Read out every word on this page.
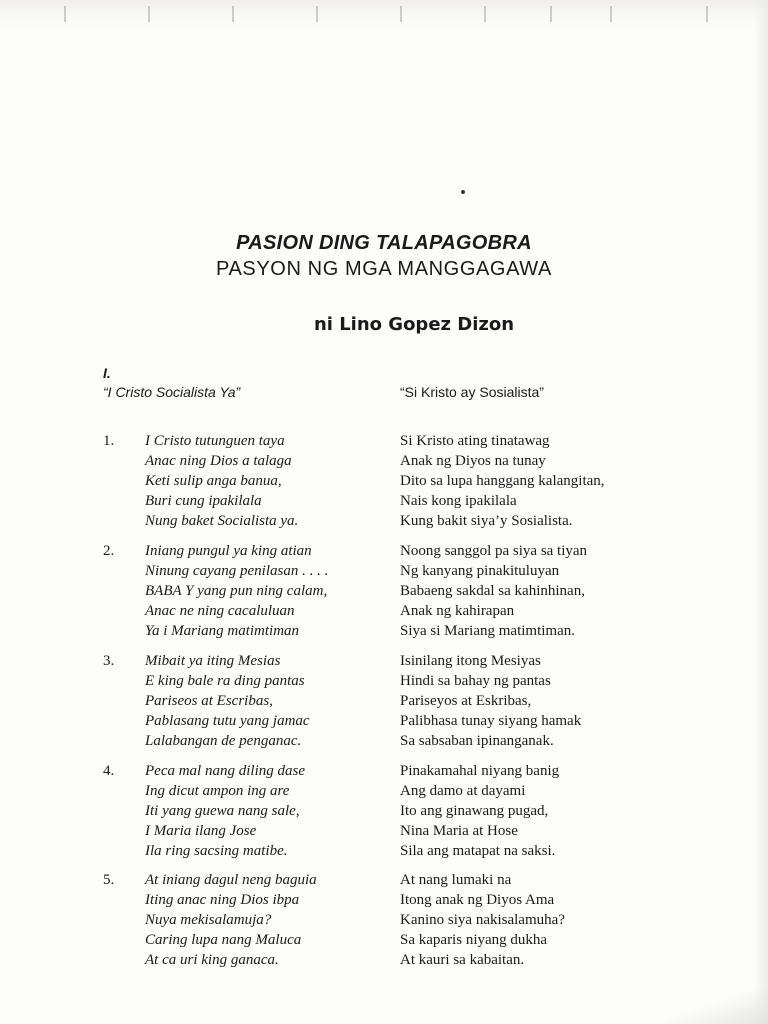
PASION DING TALAPAGOBRA
PASYON NG MGA MANGGAGAWA
ni Lino Gopez Dizon
I.
“I Cristo Socialista Ya”	“Si Kristo ay Sosialista”
1. I Cristo tutunguen taya
Anac ning Dios a talaga
Keti sulip anga banua,
Buri cung ipakilala
Nung baket Socialista ya.
Si Kristo ating tinatawag
Anak ng Diyos na tunay
Dito sa lupa hanggang kalangitan,
Nais kong ipakilala
Kung bakit siya’y Sosialista.
2. Iniang pungul ya king atian
Ninung cayang penilasan . . . .
BABA Y yang pun ning calam,
Anac ne ning cacaluluan
Ya i Mariang matimtiman
Noong sanggol pa siya sa tiyan
Ng kanyang pinakituluyan
Babaeng sakdal sa kahinhinan,
Anak ng kahirapan
Siya si Mariang matimtiman.
3. Mibait ya iting Mesias
E king bale ra ding pantas
Pariseos at Escribas,
Pablasang tutu yang jamac
Lalabangan de penganac.
Isinilang itong Mesiyas
Hindi sa bahay ng pantas
Pariseyos at Eskribas,
Palibhasa tunay siyang hamak
Sa sabsaban ipinanganak.
4. Peca mal nang diling dase
Ing dicut ampon ing are
Iti yang guewa nang sale,
I Maria ilang Jose
Ila ring sacsing matibe.
Pinakamahal niyang banig
Ang damo at dayami
Ito ang ginawang pugad,
Nina Maria at Hose
Sila ang matapat na saksi.
5. At iniang dagul neng baguia
Iting anac ning Dios ibpa
Nuya mekisalamuja?
Caring lupa nang Maluca
At ca uri king ganaca.
At nang lumaki na
Itong anak ng Diyos Ama
Kanino siya nakisalamuha?
Sa kaparis niyang dukha
At kauri sa kabaitan.
